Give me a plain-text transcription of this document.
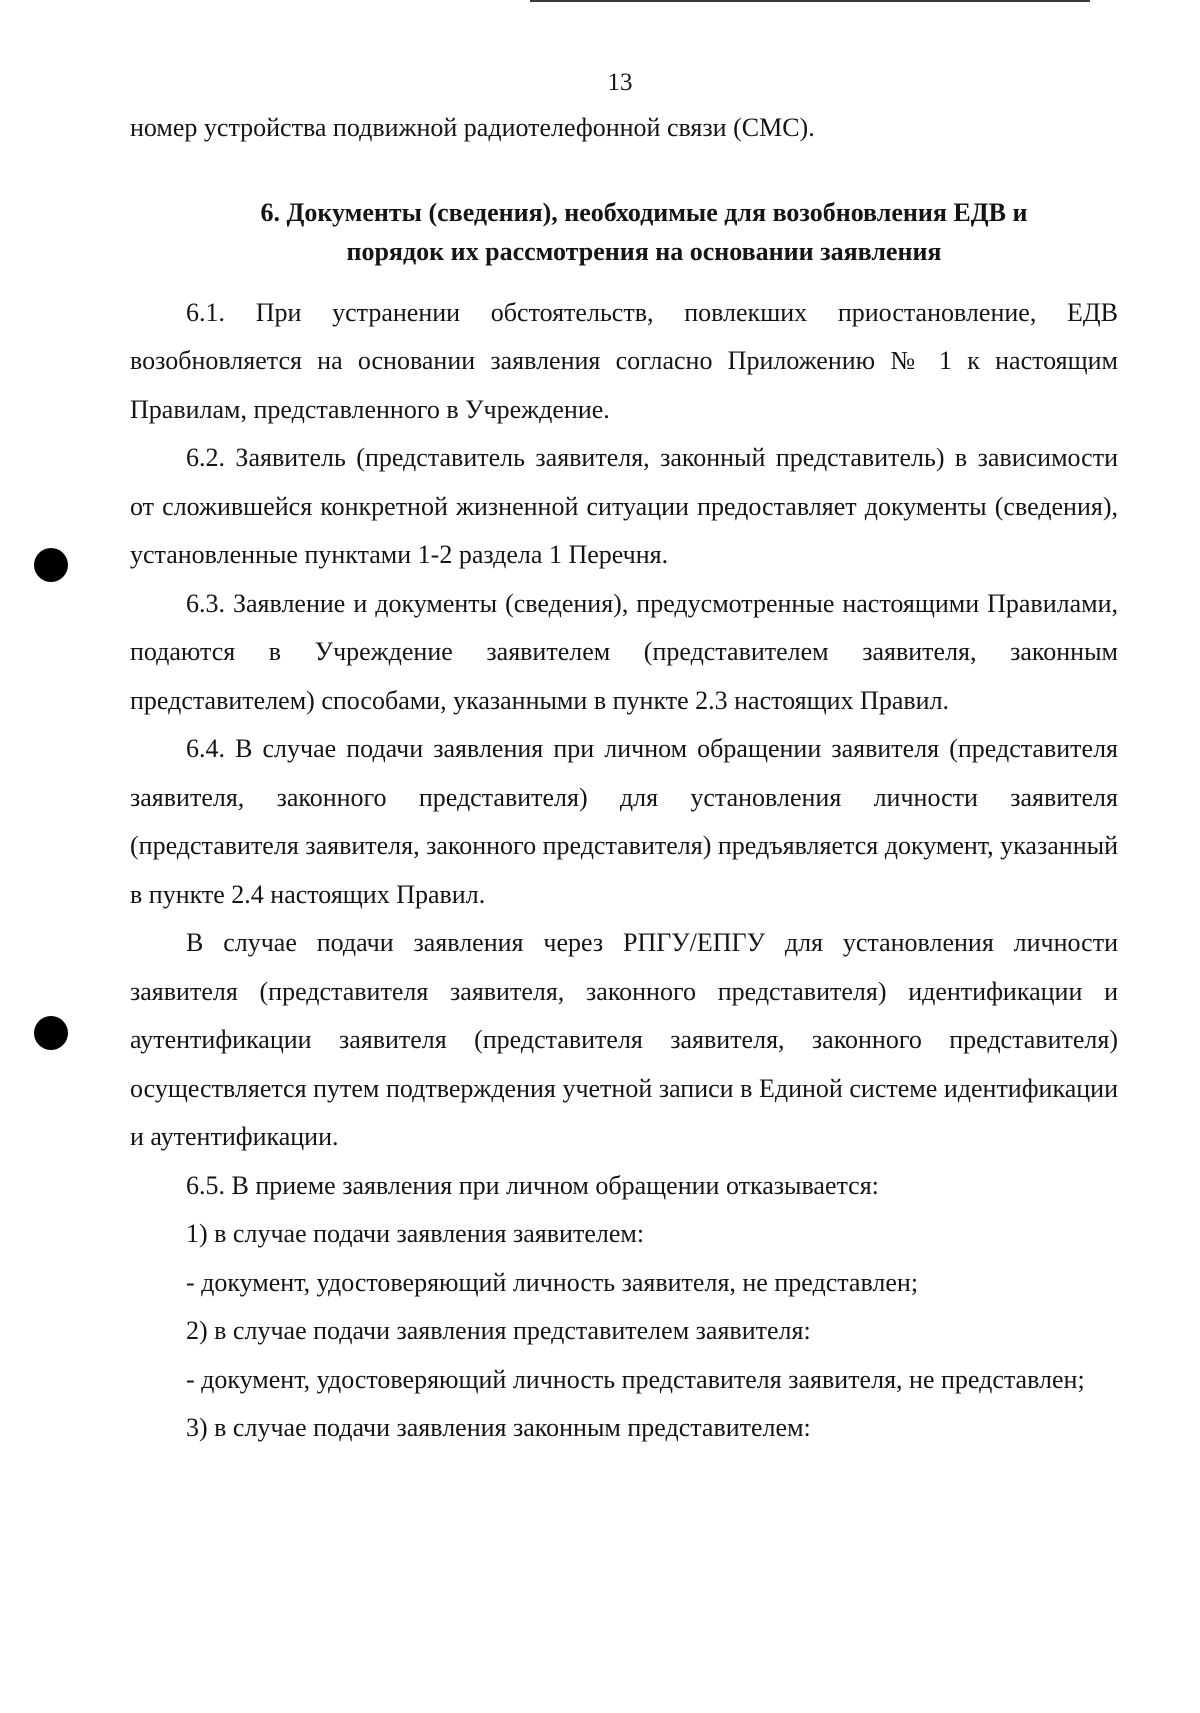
13

номер устройства подвижной радиотелефонной связи (СМС).

6. Документы (сведения), необходимые для возобновления ЕДВ и
порядок их рассмотрения на основании заявления

6.1. При устранении обстоятельств, повлекших приостановление, ЕДВ возобновляется на основании заявления согласно Приложению № 1 к настоящим Правилам, представленного в Учреждение.

6.2. Заявитель (представитель заявителя, законный представитель) в зависимости от сложившейся конкретной жизненной ситуации предоставляет документы (сведения), установленные пунктами 1-2 раздела 1 Перечня.

6.3. Заявление и документы (сведения), предусмотренные настоящими Правилами, подаются в Учреждение заявителем (представителем заявителя, законным представителем) способами, указанными в пункте 2.3 настоящих Правил.

6.4. В случае подачи заявления при личном обращении заявителя (представителя заявителя, законного представителя) для установления личности заявителя (представителя заявителя, законного представителя) предъявляется документ, указанный в пункте 2.4 настоящих Правил.

В случае подачи заявления через РПГУ/ЕПГУ для установления личности заявителя (представителя заявителя, законного представителя) идентификации и аутентификации заявителя (представителя заявителя, законного представителя) осуществляется путем подтверждения учетной записи в Единой системе идентификации и аутентификации.

6.5. В приеме заявления при личном обращении отказывается:

1) в случае подачи заявления заявителем:

- документ, удостоверяющий личность заявителя, не представлен;

2) в случае подачи заявления представителем заявителя:

- документ, удостоверяющий личность представителя заявителя, не представлен;

3) в случае подачи заявления законным представителем:
